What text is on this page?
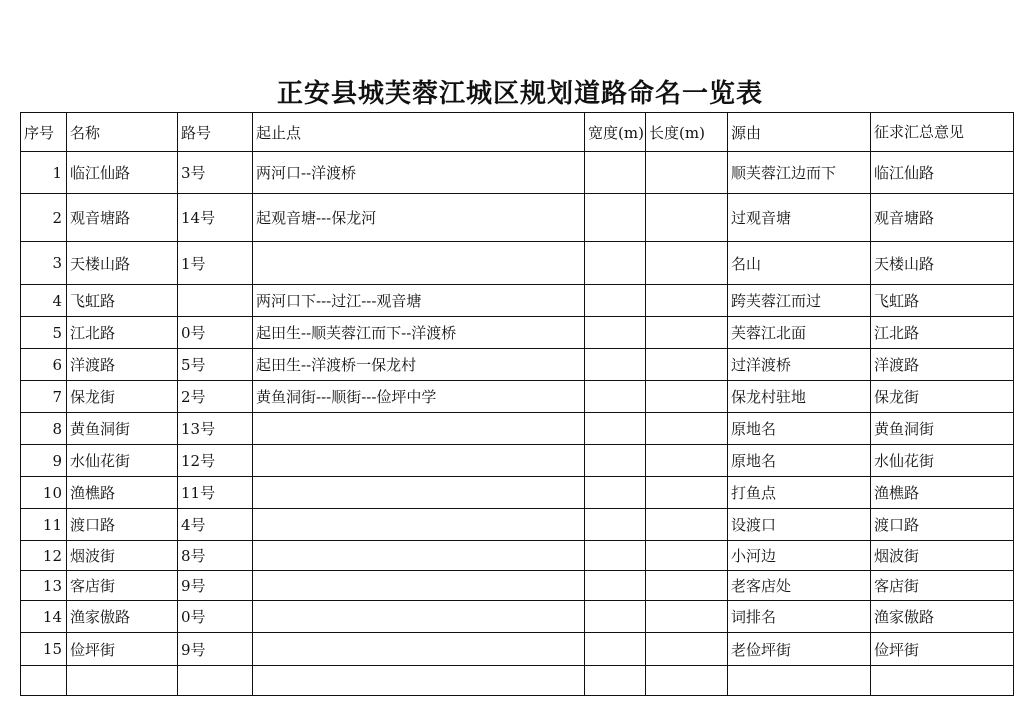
正安县城芙蓉江城区规划道路命名一览表
序号	名称	路号	起止点	宽度(m)	长度(m)	源由	征求汇总意见
1	临江仙路	3号	两河口--洋渡桥			顺芙蓉江边而下	临江仙路
2	观音塘路	14号	起观音塘---保龙河			过观音塘	观音塘路
3	天楼山路	1号				名山	天楼山路
4	飞虹路		两河口下---过江---观音塘			跨芙蓉江而过	飞虹路
5	江北路	0号	起田生--顺芙蓉江而下--洋渡桥			芙蓉江北面	江北路
6	洋渡路	5号	起田生--洋渡桥一保龙村			过洋渡桥	洋渡路
7	保龙街	2号	黄鱼洞街---顺街---俭坪中学			保龙村驻地	保龙街
8	黄鱼洞街	13号				原地名	黄鱼洞街
9	水仙花街	12号				原地名	水仙花街
10	渔樵路	11号				打鱼点	渔樵路
11	渡口路	4号				设渡口	渡口路
12	烟波街	8号				小河边	烟波街
13	客店街	9号				老客店处	客店街
14	渔家傲路	0号				词排名	渔家傲路
15	俭坪街	9号				老俭坪街	俭坪街
